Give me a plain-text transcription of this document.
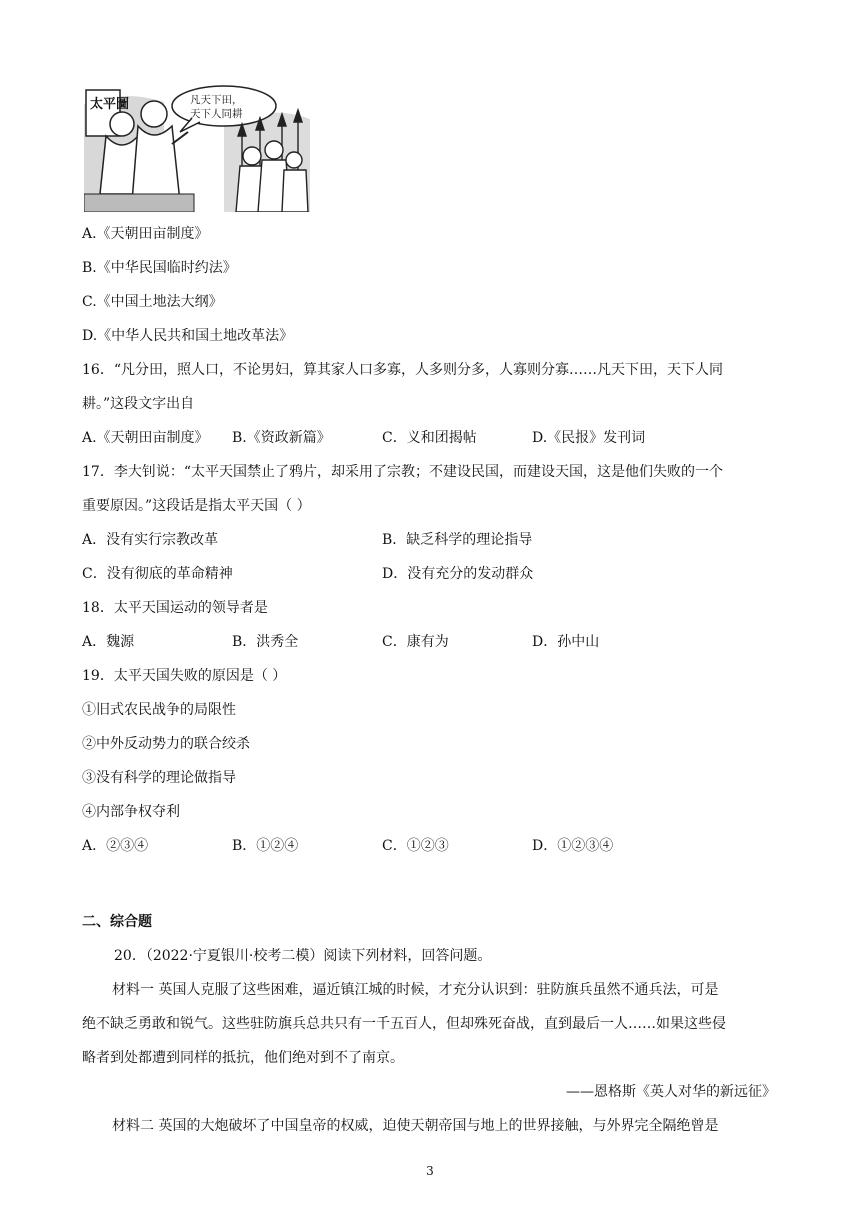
太平圖	凡天下田，
天下人同耕
A.《天朝田亩制度》
B.《中华民国临时约法》
C.《中国土地法大纲》
D.《中华人民共和国土地改革法》
16．“凡分田，照人口，不论男妇，算其家人口多寡，人多则分多，人寡则分寡……凡天下田，天下人同
耕。”这段文字出自
A.《天朝田亩制度》 B.《资政新篇》	C．义和团揭帖	D.《民报》发刊词
17．李大钊说：“太平天国禁止了鸦片，却采用了宗教；不建设民国，而建设天国，这是他们失败的一个
重要原因。”这段话是指太平天国（ ）
A．没有实行宗教改革	B．缺乏科学的理论指导
C．没有彻底的革命精神	D．没有充分的发动群众
18．太平天国运动的领导者是
A．魏源	B．洪秀全	C．康有为	D．孙中山
19．太平天国失败的原因是（ ）
①旧式农民战争的局限性
②中外反动势力的联合绞杀
③没有科学的理论做指导
④内部争权夺利
A．②③④	B．①②④	C．①②③	D．①②③④
二、综合题
20．（2022·宁夏银川·校考二模）阅读下列材料，回答问题。
材料一 英国人克服了这些困难，逼近镇江城的时候，才充分认识到：驻防旗兵虽然不通兵法，可是
绝不缺乏勇敢和锐气。这些驻防旗兵总共只有一千五百人，但却殊死奋战，直到最后一人……如果这些侵
略者到处都遭到同样的抵抗，他们绝对到不了南京。
——恩格斯《英人对华的新远征》
材料二 英国的大炮破坏了中国皇帝的权威，迫使天朝帝国与地上的世界接触，与外界完全隔绝曾是
3
